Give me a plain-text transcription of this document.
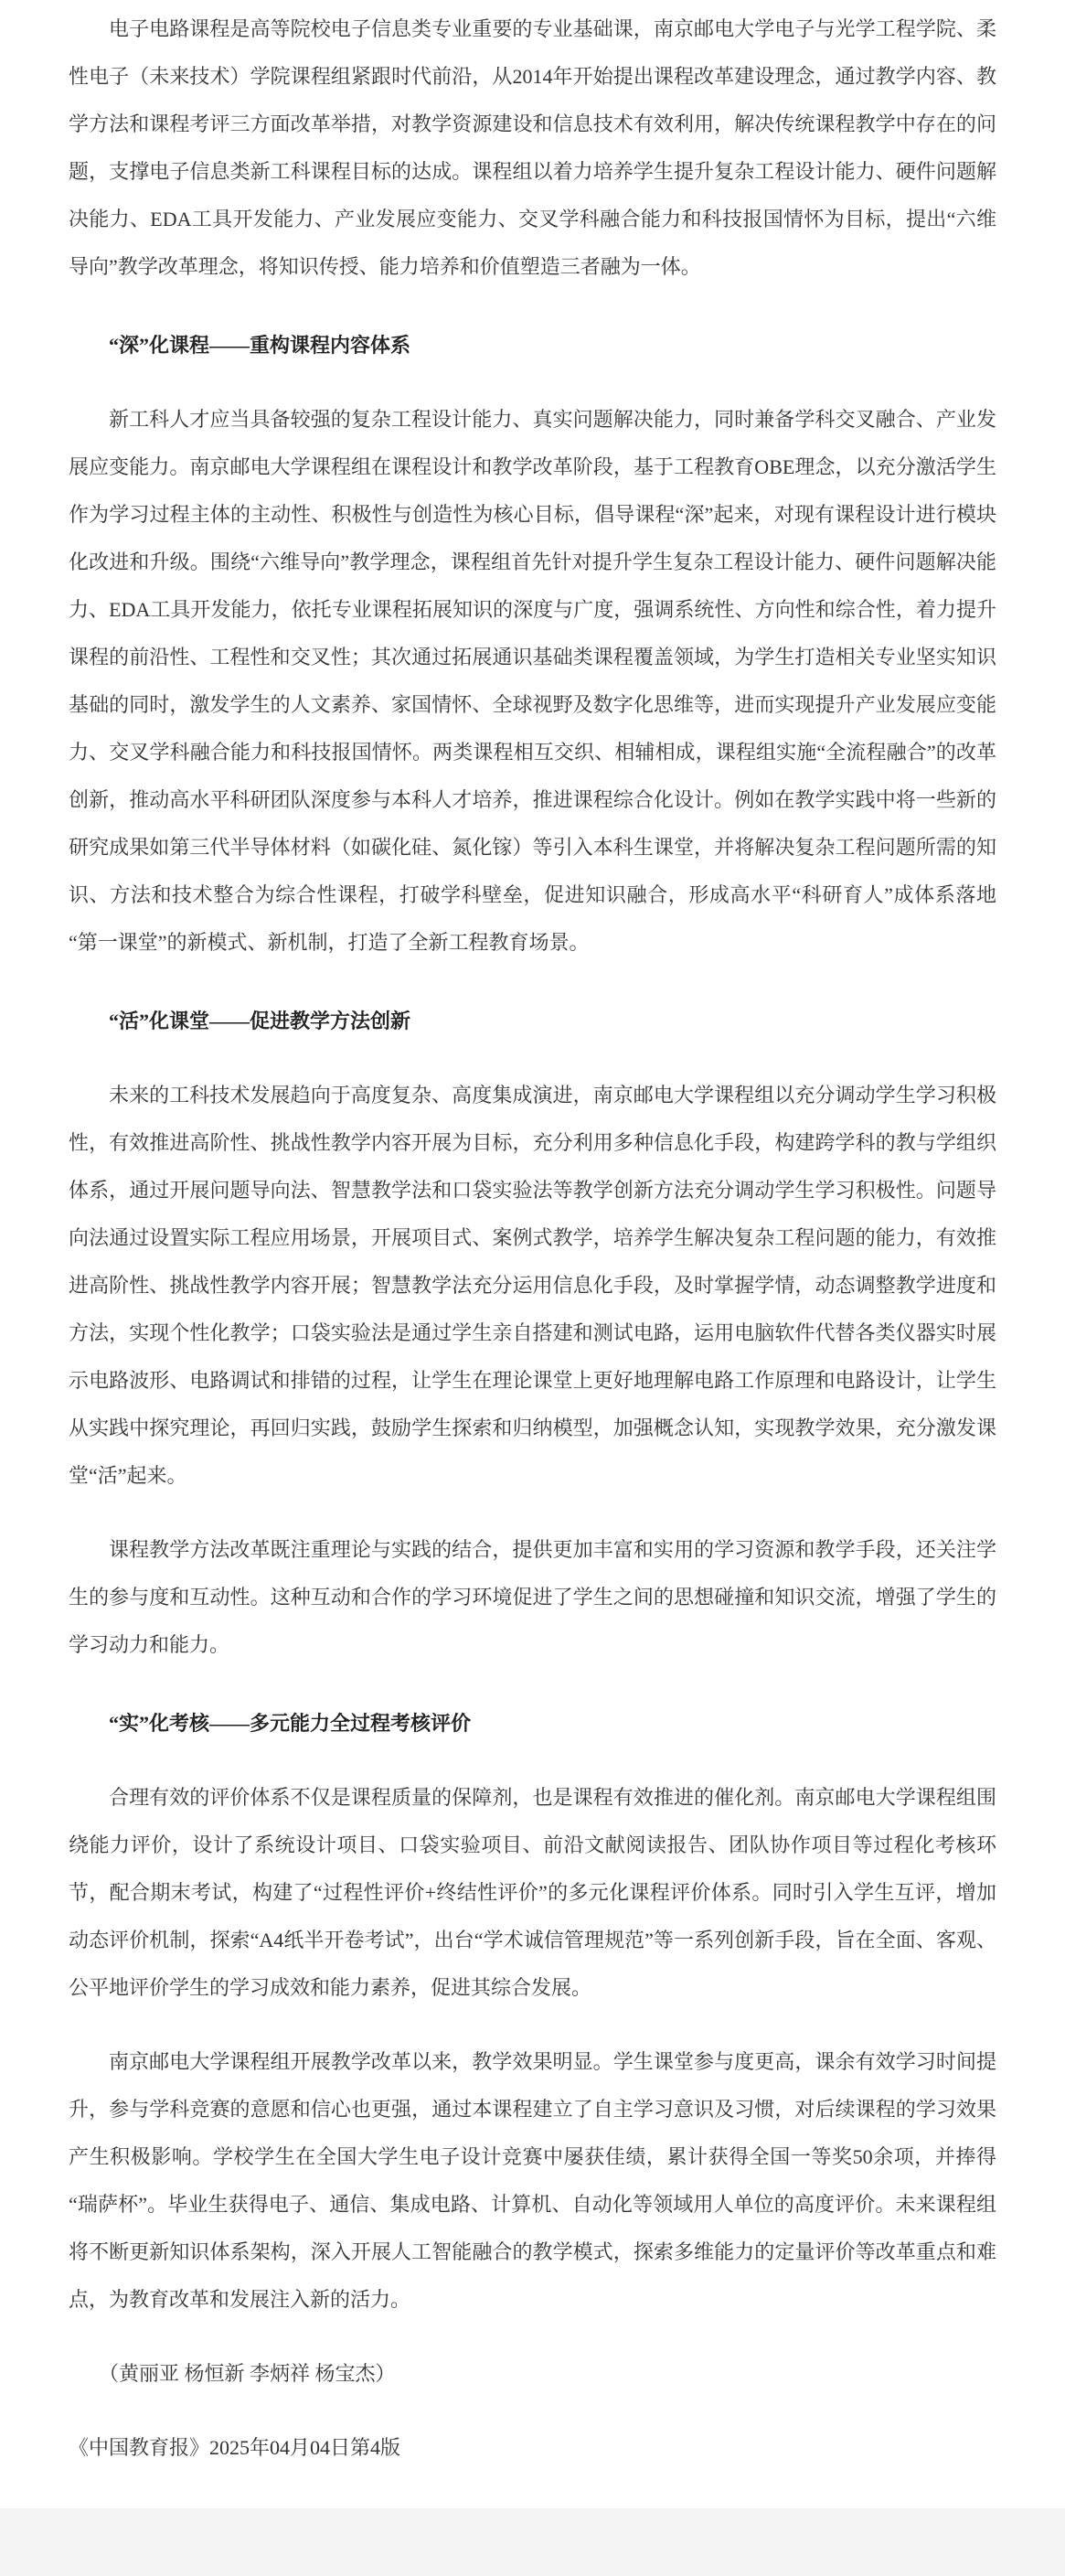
电子电路课程是高等院校电子信息类专业重要的专业基础课，南京邮电大学电子与光学工程学院、柔性电子（未来技术）学院课程组紧跟时代前沿，从2014年开始提出课程改革建设理念，通过教学内容、教学方法和课程考评三方面改革举措，对教学资源建设和信息技术有效利用，解决传统课程教学中存在的问题，支撑电子信息类新工科课程目标的达成。课程组以着力培养学生提升复杂工程设计能力、硬件问题解决能力、EDA工具开发能力、产业发展应变能力、交叉学科融合能力和科技报国情怀为目标，提出“六维导向”教学改革理念，将知识传授、能力培养和价值塑造三者融为一体。

“深”化课程——重构课程内容体系

新工科人才应当具备较强的复杂工程设计能力、真实问题解决能力，同时兼备学科交叉融合、产业发展应变能力。南京邮电大学课程组在课程设计和教学改革阶段，基于工程教育OBE理念，以充分激活学生作为学习过程主体的主动性、积极性与创造性为核心目标，倡导课程“深”起来，对现有课程设计进行模块化改进和升级。围绕“六维导向”教学理念，课程组首先针对提升学生复杂工程设计能力、硬件问题解决能力、EDA工具开发能力，依托专业课程拓展知识的深度与广度，强调系统性、方向性和综合性，着力提升课程的前沿性、工程性和交叉性；其次通过拓展通识基础类课程覆盖领域，为学生打造相关专业坚实知识基础的同时，激发学生的人文素养、家国情怀、全球视野及数字化思维等，进而实现提升产业发展应变能力、交叉学科融合能力和科技报国情怀。两类课程相互交织、相辅相成，课程组实施“全流程融合”的改革创新，推动高水平科研团队深度参与本科人才培养，推进课程综合化设计。例如在教学实践中将一些新的研究成果如第三代半导体材料（如碳化硅、氮化镓）等引入本科生课堂，并将解决复杂工程问题所需的知识、方法和技术整合为综合性课程，打破学科壁垒，促进知识融合，形成高水平“科研育人”成体系落地“第一课堂”的新模式、新机制，打造了全新工程教育场景。

“活”化课堂——促进教学方法创新

未来的工科技术发展趋向于高度复杂、高度集成演进，南京邮电大学课程组以充分调动学生学习积极性，有效推进高阶性、挑战性教学内容开展为目标，充分利用多种信息化手段，构建跨学科的教与学组织体系，通过开展问题导向法、智慧教学法和口袋实验法等教学创新方法充分调动学生学习积极性。问题导向法通过设置实际工程应用场景，开展项目式、案例式教学，培养学生解决复杂工程问题的能力，有效推进高阶性、挑战性教学内容开展；智慧教学法充分运用信息化手段，及时掌握学情，动态调整教学进度和方法，实现个性化教学；口袋实验法是通过学生亲自搭建和测试电路，运用电脑软件代替各类仪器实时展示电路波形、电路调试和排错的过程，让学生在理论课堂上更好地理解电路工作原理和电路设计，让学生从实践中探究理论，再回归实践，鼓励学生探索和归纳模型，加强概念认知，实现教学效果，充分激发课堂“活”起来。

课程教学方法改革既注重理论与实践的结合，提供更加丰富和实用的学习资源和教学手段，还关注学生的参与度和互动性。这种互动和合作的学习环境促进了学生之间的思想碰撞和知识交流，增强了学生的学习动力和能力。

“实”化考核——多元能力全过程考核评价

合理有效的评价体系不仅是课程质量的保障剂，也是课程有效推进的催化剂。南京邮电大学课程组围绕能力评价，设计了系统设计项目、口袋实验项目、前沿文献阅读报告、团队协作项目等过程化考核环节，配合期末考试，构建了“过程性评价+终结性评价”的多元化课程评价体系。同时引入学生互评，增加动态评价机制，探索“A4纸半开卷考试”，出台“学术诚信管理规范”等一系列创新手段，旨在全面、客观、公平地评价学生的学习成效和能力素养，促进其综合发展。

南京邮电大学课程组开展教学改革以来，教学效果明显。学生课堂参与度更高，课余有效学习时间提升，参与学科竞赛的意愿和信心也更强，通过本课程建立了自主学习意识及习惯，对后续课程的学习效果产生积极影响。学校学生在全国大学生电子设计竞赛中屡获佳绩，累计获得全国一等奖50余项，并捧得“瑞萨杯”。毕业生获得电子、通信、集成电路、计算机、自动化等领域用人单位的高度评价。未来课程组将不断更新知识体系架构，深入开展人工智能融合的教学模式，探索多维能力的定量评价等改革重点和难点，为教育改革和发展注入新的活力。

（黄丽亚 杨恒新 李炳祥 杨宝杰）

《中国教育报》2025年04月04日第4版
